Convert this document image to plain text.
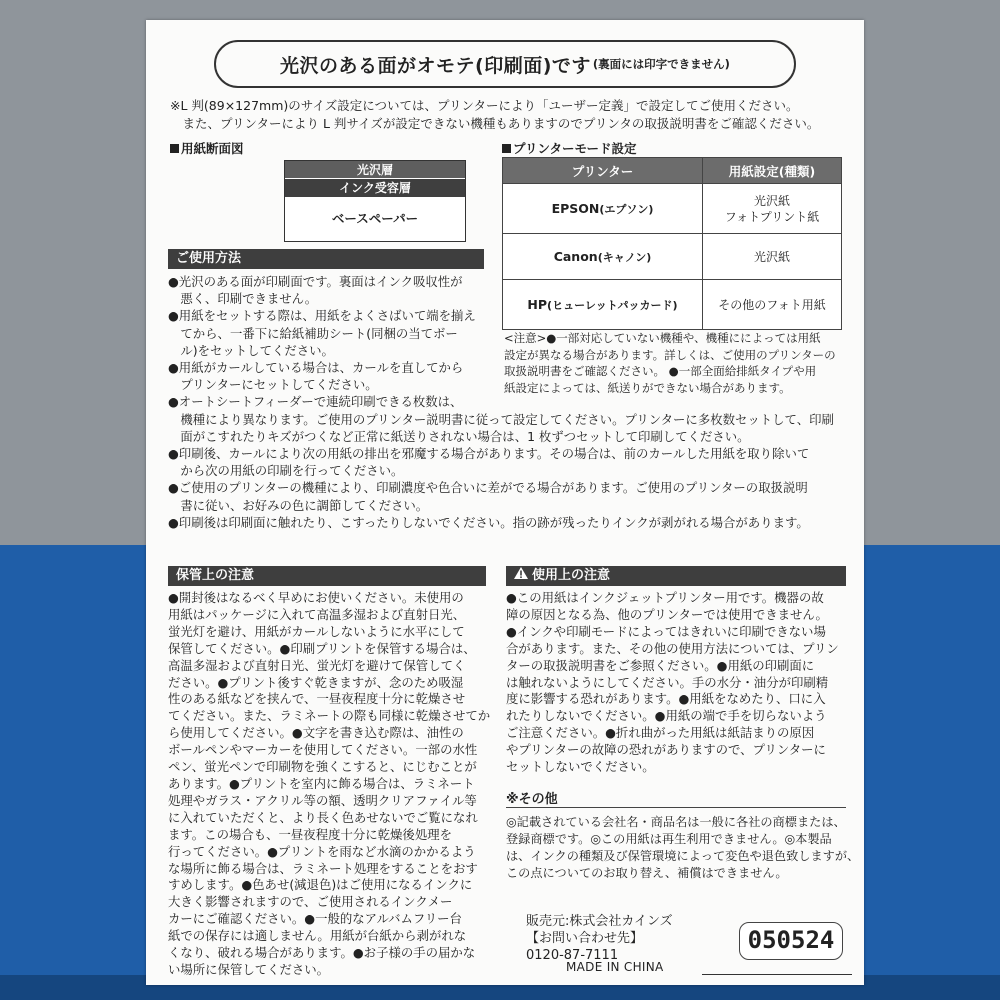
光沢のある面がオモテ(印刷面)です (裏面には印字できません)
※L 判(89×127mm)のサイズ設定については、プリンターにより「ユーザー定義」で設定してご使用ください。
　また、プリンターにより L 判サイズが設定できない機種もありますのでプリンタの取扱説明書をご確認ください。
用紙断面図
光沢層
インク受容層
ベースペーパー
プリンターモード設定
プリンター	用紙設定(種類)
EPSON(エプソン)	光沢紙
フォトプリント紙
Canon(キャノン)	光沢紙
HP(ヒューレットパッカード)	その他のフォト用紙
<注意>●一部対応していない機種や、機種にによっては用紙
設定が異なる場合があります。詳しくは、ご使用のプリンターの
取扱説明書をご確認ください。 ●一部全面給排紙タイプや用
紙設定によっては、紙送りができない場合があります。
ご使用方法
●光沢のある面が印刷面です。裏面はインク吸収性が
　悪く、印刷できません。
●用紙をセットする際は、用紙をよくさばいて端を揃え
　てから、一番下に給紙補助シート(同梱の当てボー
　ル)をセットしてください。
●用紙がカールしている場合は、カールを直してから
　プリンターにセットしてください。
●オートシートフィーダーで連続印刷できる枚数は、
　機種により異なります。ご使用のプリンター説明書に従って設定してください。プリンターに多枚数セットして、印刷
　面がこすれたりキズがつくなど正常に紙送りされない場合は、1 枚ずつセットして印刷してください。
●印刷後、カールにより次の用紙の排出を邪魔する場合があります。その場合は、前のカールした用紙を取り除いて
　から次の用紙の印刷を行ってください。
●ご使用のプリンターの機種により、印刷濃度や色合いに差がでる場合があります。ご使用のプリンターの取扱説明
　書に従い、お好みの色に調節してください。
●印刷後は印刷面に触れたり、こすったりしないでください。指の跡が残ったりインクが剥がれる場合があります。
保管上の注意
●開封後はなるべく早めにお使いください。未使用の
用紙はパッケージに入れて高温多湿および直射日光、
蛍光灯を避け、用紙がカールしないように水平にして
保管してください。●印刷プリントを保管する場合は、
高温多湿および直射日光、蛍光灯を避けて保管してく
ださい。●プリント後すぐ乾きますが、念のため吸湿
性のある紙などを挟んで、一昼夜程度十分に乾燥させ
てください。また、ラミネートの際も同様に乾燥させてか
ら使用してください。●文字を書き込む際は、油性の
ボールペンやマーカーを使用してください。一部の水性
ペン、蛍光ペンで印刷物を強くこすると、にじむことが
あります。●プリントを室内に飾る場合は、ラミネート
処理やガラス・アクリル等の額、透明クリアファイル等
に入れていただくと、より長く色あせないでご覧になれ
ます。この場合も、一昼夜程度十分に乾燥後処理を
行ってください。●プリントを雨など水滴のかかるよう
な場所に飾る場合は、ラミネート処理をすることをおす
すめします。●色あせ(減退色)はご使用になるインクに
大きく影響されますので、ご使用されるインクメー
カーにご確認ください。●一般的なアルバムフリー台
紙での保存には適しません。用紙が台紙から剥がれな
くなり、破れる場合があります。●お子様の手の届かな
い場所に保管してください。
使用上の注意
●この用紙はインクジェットプリンター用です。機器の故
障の原因となる為、他のプリンターでは使用できません。
●インクや印刷モードによってはきれいに印刷できない場
合があります。また、その他の使用方法については、プリン
ターの取扱説明書をご参照ください。●用紙の印刷面に
は触れないようにしてください。手の水分・油分が印刷精
度に影響する恐れがあります。●用紙をなめたり、口に入
れたりしないでください。●用紙の端で手を切らないよう
ご注意ください。●折れ曲がった用紙は紙詰まりの原因
やプリンターの故障の恐れがありますので、プリンターに
セットしないでください。
※その他
◎記載されている会社名・商品名は一般に各社の商標または、
登録商標です。◎この用紙は再生利用できません。◎本製品
は、インクの種類及び保管環境によって変色や退色致しますが、
この点についてのお取り替え、補償はできません。
販売元:株式会社カインズ
【お問い合わせ先】
0120-87-7111
MADE IN CHINA
050524
